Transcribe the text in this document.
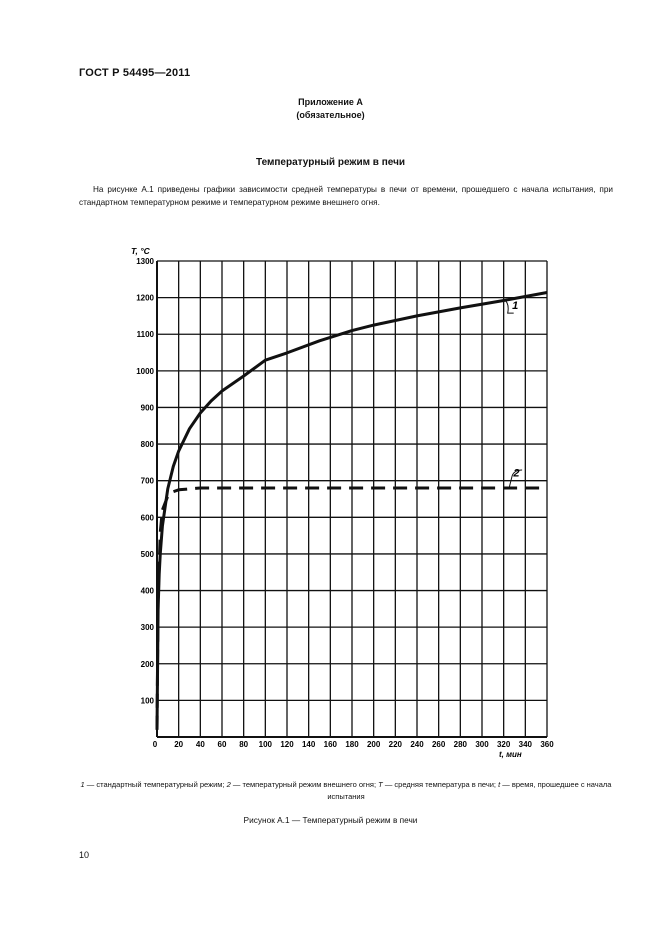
ГОСТ Р 54495—2011
Приложение А
(обязательное)
Температурный режим в печи
На рисунке А.1 приведены графики зависимости средней температуры в печи от времени, прошедшего с начала испытания, при стандартном температурном режиме и температурном режиме внешнего огня.
100
200
300
400
500
600
700
800
900
1000
1100
1200
1300
0 20 40 60 80 100 120 140 160 180 200 220 240 260 280 300 320 340 360
1
2
T, °C
t, мин
1 — стандартный температурный режим; 2 — температурный режим внешнего огня; T — средняя температура в печи; t — время, прошедшее с начала испытания
Рисунок А.1 — Температурный режим в печи
10
